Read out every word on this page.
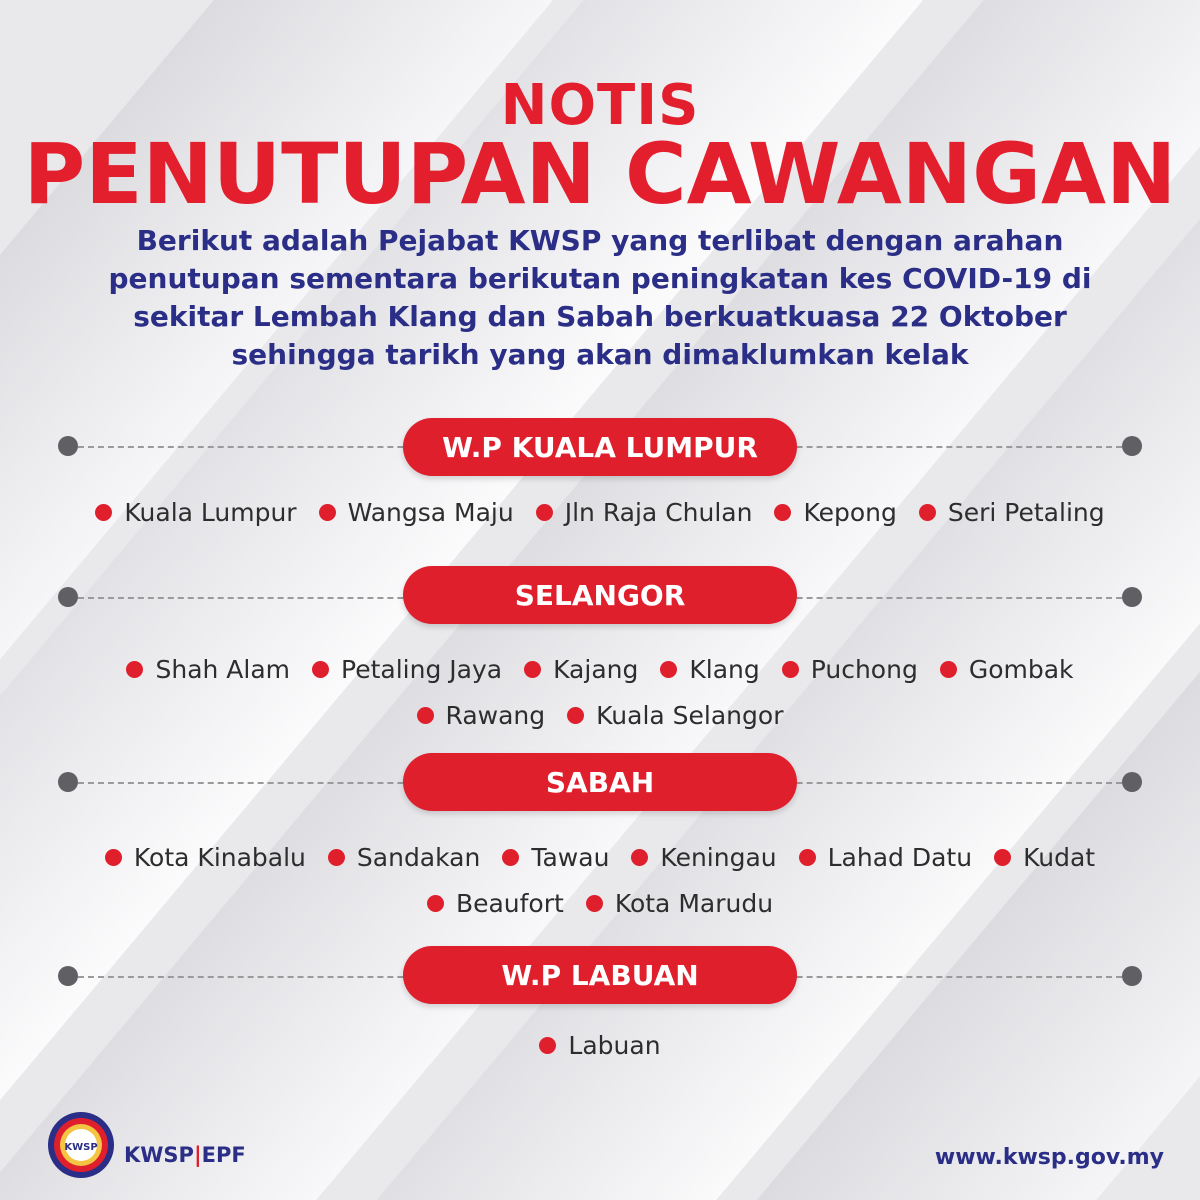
NOTIS
PENUTUPAN CAWANGAN
Berikut adalah Pejabat KWSP yang terlibat dengan arahan penutupan sementara berikutan peningkatan kes COVID-19 di sekitar Lembah Klang dan Sabah berkuatkuasa 22 Oktober sehingga tarikh yang akan dimaklumkan kelak
W.P KUALA LUMPUR
Kuala Lumpur Wangsa Maju Jln Raja Chulan Kepong Seri Petaling
SELANGOR
Shah Alam Petaling Jaya Kajang Klang Puchong Gombak
Rawang Kuala Selangor
SABAH
Kota Kinabalu Sandakan Tawau Keningau Lahad Datu Kudat
Beaufort Kota Marudu
W.P LABUAN
Labuan
KWSP KWSP|EPF	www.kwsp.gov.my
